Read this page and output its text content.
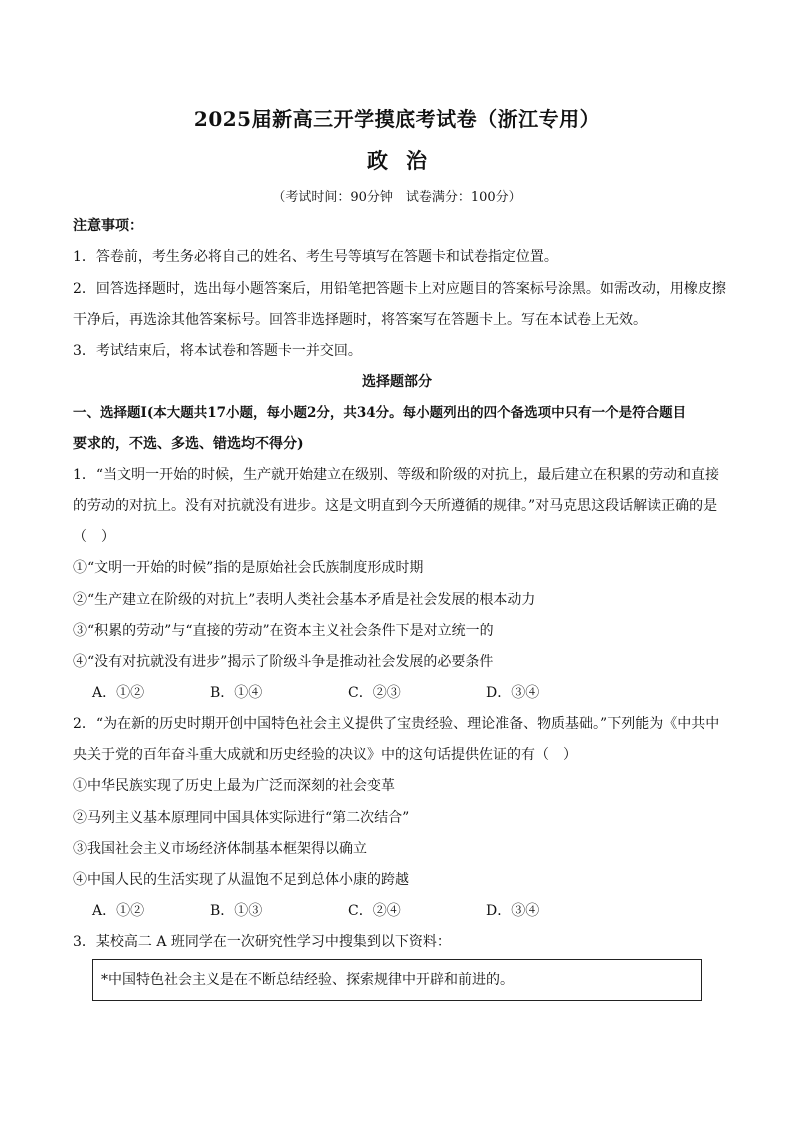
2025届新高三开学摸底考试卷（浙江专用）
政治
（考试时间：90分钟　试卷满分：100分）
注意事项：
1．答卷前，考生务必将自己的姓名、考生号等填写在答题卡和试卷指定位置。
2．回答选择题时，选出每小题答案后，用铅笔把答题卡上对应题目的答案标号涂黑。如需改动，用橡皮擦
干净后，再选涂其他答案标号。回答非选择题时，将答案写在答题卡上。写在本试卷上无效。
3．考试结束后，将本试卷和答题卡一并交回。
选择题部分
一、选择题Ⅰ(本大题共17小题，每小题2分，共34分。每小题列出的四个备选项中只有一个是符合题目
要求的，不选、多选、错选均不得分)
1．“当文明一开始的时候，生产就开始建立在级别、等级和阶级的对抗上，最后建立在积累的劳动和直接
的劳动的对抗上。没有对抗就没有进步。这是文明直到今天所遵循的规律。”对马克思这段话解读正确的是
（　）
①“文明一开始的时候”指的是原始社会氏族制度形成时期
②“生产建立在阶级的对抗上”表明人类社会基本矛盾是社会发展的根本动力
③“积累的劳动”与“直接的劳动”在资本主义社会条件下是对立统一的
④“没有对抗就没有进步”揭示了阶级斗争是推动社会发展的必要条件
A．①②	B．①④	C．②③	D．③④
2．“为在新的历史时期开创中国特色社会主义提供了宝贵经验、理论准备、物质基础。”下列能为《中共中
央关于党的百年奋斗重大成就和历史经验的决议》中的这句话提供佐证的有（　）
①中华民族实现了历史上最为广泛而深刻的社会变革
②马列主义基本原理同中国具体实际进行“第二次结合”
③我国社会主义市场经济体制基本框架得以确立
④中国人民的生活实现了从温饱不足到总体小康的跨越
A．①②	B．①③	C．②④	D．③④
3．某校高二 A 班同学在一次研究性学习中搜集到以下资料：
*中国特色社会主义是在不断总结经验、探索规律中开辟和前进的。
